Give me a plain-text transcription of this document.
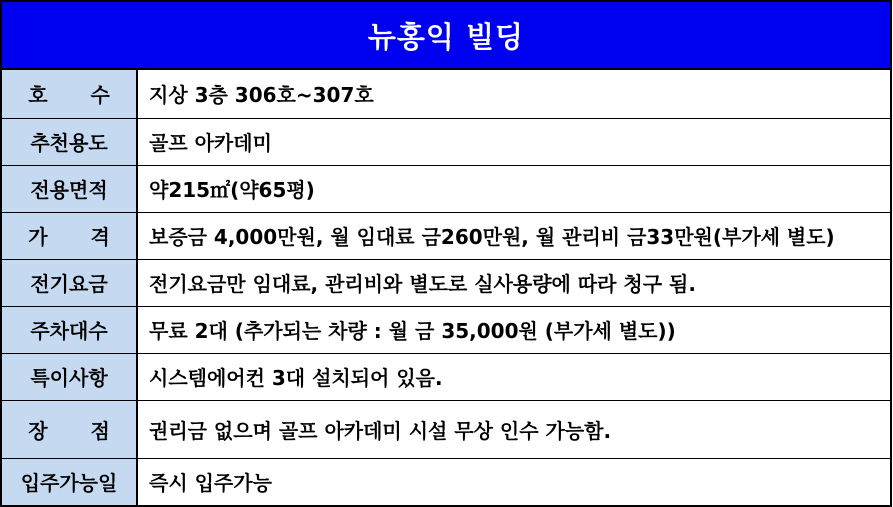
뉴홍익 빌딩
호 수	지상 3층 306호~307호
추천용도	골프 아카데미
전용면적	약215㎡(약65평)
가 격	보증금 4,000만원, 월 임대료 금260만원, 월 관리비 금33만원(부가세 별도)
전기요금	전기요금만 임대료, 관리비와 별도로 실사용량에 따라 청구 됨.
주차대수	무료 2대 (추가되는 차량 : 월 금 35,000원 (부가세 별도))
특이사항	시스템에어컨 3대 설치되어 있음.
장 점	권리금 없으며 골프 아카데미 시설 무상 인수 가능함.
입주가능일	즉시 입주가능
